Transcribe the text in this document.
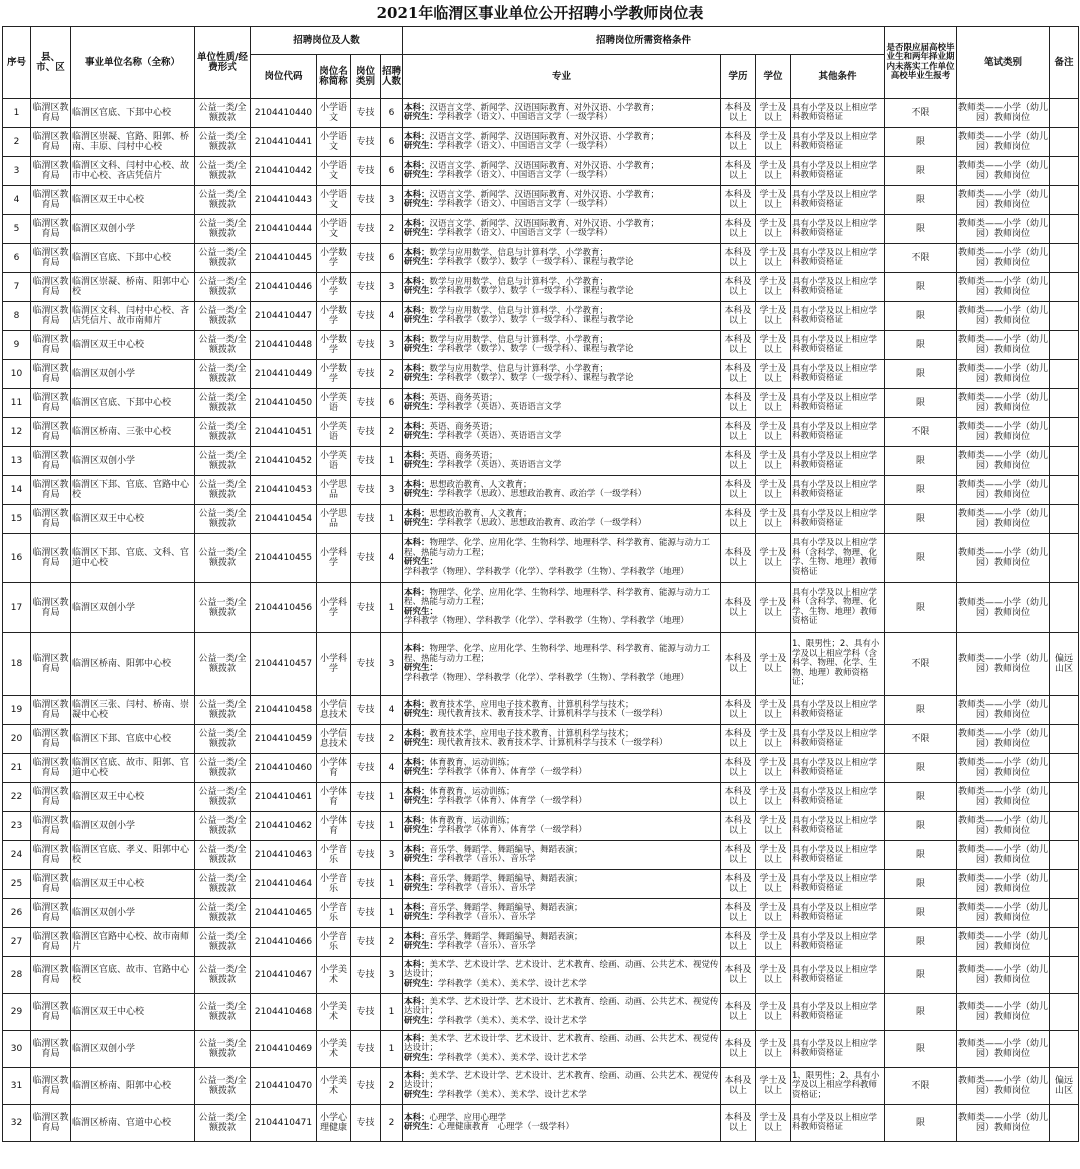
2021年临渭区事业单位公开招聘小学教师岗位表
序号	县、市、区	事业单位名称（全称）	单位性质/经费形式	招聘岗位及人数				招聘岗位所需资格条件				是否限应届高校毕业生和两年择业期内未落实工作单位高校毕业生报考	笔试类别	备注
				岗位代码	岗位名称简称	岗位类别	招聘人数	专业	学历	学位	其他条件			
1	临渭区教育局	临渭区官底、下邽中心校	公益一类/全额拨款	2104410440	小学语文	专技	6	本科：汉语言文学、新闻学、汉语国际教育、对外汉语、小学教育；
研究生：学科教学（语文）、中国语言文学（一级学科）	本科及以上	学士及以上	具有小学及以上相应学科教师资格证	不限	教师类——小学（幼儿园）教师岗位	
2	临渭区教育局	临渭区崇凝、官路、阳郭、桥南、丰原、闫村中心校	公益一类/全额拨款	2104410441	小学语文	专技	6	本科：汉语言文学、新闻学、汉语国际教育、对外汉语、小学教育；
研究生：学科教学（语文）、中国语言文学（一级学科）	本科及以上	学士及以上	具有小学及以上相应学科教师资格证	限	教师类——小学（幼儿园）教师岗位	
3	临渭区教育局	临渭区文科、闫村中心校、故市中心校、吝店凭信片	公益一类/全额拨款	2104410442	小学语文	专技	6	本科：汉语言文学、新闻学、汉语国际教育、对外汉语、小学教育；
研究生：学科教学（语文）、中国语言文学（一级学科）	本科及以上	学士及以上	具有小学及以上相应学科教师资格证	限	教师类——小学（幼儿园）教师岗位	
4	临渭区教育局	临渭区双王中心校	公益一类/全额拨款	2104410443	小学语文	专技	3	本科：汉语言文学、新闻学、汉语国际教育、对外汉语、小学教育；
研究生：学科教学（语文）、中国语言文学（一级学科）	本科及以上	学士及以上	具有小学及以上相应学科教师资格证	限	教师类——小学（幼儿园）教师岗位	
5	临渭区教育局	临渭区双创小学	公益一类/全额拨款	2104410444	小学语文	专技	2	本科：汉语言文学、新闻学、汉语国际教育、对外汉语、小学教育；
研究生：学科教学（语文）、中国语言文学（一级学科）	本科及以上	学士及以上	具有小学及以上相应学科教师资格证	限	教师类——小学（幼儿园）教师岗位	
6	临渭区教育局	临渭区官底、下邽中心校	公益一类/全额拨款	2104410445	小学数学	专技	6	本科：数学与应用数学、信息与计算科学、小学教育；
研究生：学科教学（数学）、数学（一级学科）、课程与教学论	本科及以上	学士及以上	具有小学及以上相应学科教师资格证	不限	教师类——小学（幼儿园）教师岗位	
7	临渭区教育局	临渭区崇凝、桥南、阳郭中心校	公益一类/全额拨款	2104410446	小学数学	专技	3	本科：数学与应用数学、信息与计算科学、小学教育；
研究生：学科教学（数学）、数学（一级学科）、课程与教学论	本科及以上	学士及以上	具有小学及以上相应学科教师资格证	限	教师类——小学（幼儿园）教师岗位	
8	临渭区教育局	临渭区文科、闫村中心校、吝店凭信片、故市南师片	公益一类/全额拨款	2104410447	小学数学	专技	4	本科：数学与应用数学、信息与计算科学、小学教育；
研究生：学科教学（数学）、数学（一级学科）、课程与教学论	本科及以上	学士及以上	具有小学及以上相应学科教师资格证	限	教师类——小学（幼儿园）教师岗位	
9	临渭区教育局	临渭区双王中心校	公益一类/全额拨款	2104410448	小学数学	专技	3	本科：数学与应用数学、信息与计算科学、小学教育；
研究生：学科教学（数学）、数学（一级学科）、课程与教学论	本科及以上	学士及以上	具有小学及以上相应学科教师资格证	限	教师类——小学（幼儿园）教师岗位	
10	临渭区教育局	临渭区双创小学	公益一类/全额拨款	2104410449	小学数学	专技	2	本科：数学与应用数学、信息与计算科学、小学教育；
研究生：学科教学（数学）、数学（一级学科）、课程与教学论	本科及以上	学士及以上	具有小学及以上相应学科教师资格证	限	教师类——小学（幼儿园）教师岗位	
11	临渭区教育局	临渭区官底、下邽中心校	公益一类/全额拨款	2104410450	小学英语	专技	6	本科：英语、商务英语；
研究生：学科教学（英语）、英语语言文学	本科及以上	学士及以上	具有小学及以上相应学科教师资格证	限	教师类——小学（幼儿园）教师岗位	
12	临渭区教育局	临渭区桥南、三张中心校	公益一类/全额拨款	2104410451	小学英语	专技	2	本科：英语、商务英语；
研究生：学科教学（英语）、英语语言文学	本科及以上	学士及以上	具有小学及以上相应学科教师资格证	不限	教师类——小学（幼儿园）教师岗位	
13	临渭区教育局	临渭区双创小学	公益一类/全额拨款	2104410452	小学英语	专技	1	本科：英语、商务英语；
研究生：学科教学（英语）、英语语言文学	本科及以上	学士及以上	具有小学及以上相应学科教师资格证	限	教师类——小学（幼儿园）教师岗位	
14	临渭区教育局	临渭区下邽、官底、官路中心校	公益一类/全额拨款	2104410453	小学思品	专技	3	本科：思想政治教育、人文教育；
研究生：学科教学（思政）、思想政治教育、政治学（一级学科）	本科及以上	学士及以上	具有小学及以上相应学科教师资格证	限	教师类——小学（幼儿园）教师岗位	
15	临渭区教育局	临渭区双王中心校	公益一类/全额拨款	2104410454	小学思品	专技	1	本科：思想政治教育、人文教育；
研究生：学科教学（思政）、思想政治教育、政治学（一级学科）	本科及以上	学士及以上	具有小学及以上相应学科教师资格证	限	教师类——小学（幼儿园）教师岗位	
16	临渭区教育局	临渭区下邽、官底、文科、官道中心校	公益一类/全额拨款	2104410455	小学科学	专技	4	本科：物理学、化学、应用化学、生物科学、地理科学、科学教育、能源与动力工程、热能与动力工程；
研究生：学科教学（物理）、学科教学（化学）、学科教学（生物）、学科教学（地理）	本科及以上	学士及以上	具有小学及以上相应学科（含科学、物理、化学、生物、地理）教师资格证	限	教师类——小学（幼儿园）教师岗位	
17	临渭区教育局	临渭区双创小学	公益一类/全额拨款	2104410456	小学科学	专技	1	本科：物理学、化学、应用化学、生物科学、地理科学、科学教育、能源与动力工程、热能与动力工程；
研究生：学科教学（物理）、学科教学（化学）、学科教学（生物）、学科教学（地理）	本科及以上	学士及以上	具有小学及以上相应学科（含科学、物理、化学、生物、地理）教师资格证	限	教师类——小学（幼儿园）教师岗位	
18	临渭区教育局	临渭区桥南、阳郭中心校	公益一类/全额拨款	2104410457	小学科学	专技	3	本科：物理学、化学、应用化学、生物科学、地理科学、科学教育、能源与动力工程、热能与动力工程；
研究生：学科教学（物理）、学科教学（化学）、学科教学（生物）、学科教学（地理）	本科及以上	学士及以上	1、限男性；2、具有小学及以上相应学科（含科学、物理、化学、生物、地理）教师资格证；	不限	教师类——小学（幼儿园）教师岗位	偏远山区
19	临渭区教育局	临渭区三张、闫村、桥南、崇凝中心校	公益一类/全额拨款	2104410458	小学信息技术	专技	4	本科：教育技术学、应用电子技术教育、计算机科学与技术；
研究生：现代教育技术、教育技术学、计算机科学与技术（一级学科）	本科及以上	学士及以上	具有小学及以上相应学科教师资格证	限	教师类——小学（幼儿园）教师岗位	
20	临渭区教育局	临渭区下邽、官底中心校	公益一类/全额拨款	2104410459	小学信息技术	专技	2	本科：教育技术学、应用电子技术教育、计算机科学与技术；
研究生：现代教育技术、教育技术学、计算机科学与技术（一级学科）	本科及以上	学士及以上	具有小学及以上相应学科教师资格证	不限	教师类——小学（幼儿园）教师岗位	
21	临渭区教育局	临渭区官底、故市、阳郭、官道中心校	公益一类/全额拨款	2104410460	小学体育	专技	4	本科：体育教育、运动训练；
研究生：学科教学（体育）、体育学（一级学科）	本科及以上	学士及以上	具有小学及以上相应学科教师资格证	限	教师类——小学（幼儿园）教师岗位	
22	临渭区教育局	临渭区双王中心校	公益一类/全额拨款	2104410461	小学体育	专技	1	本科：体育教育、运动训练；
研究生：学科教学（体育）、体育学（一级学科）	本科及以上	学士及以上	具有小学及以上相应学科教师资格证	限	教师类——小学（幼儿园）教师岗位	
23	临渭区教育局	临渭区双创小学	公益一类/全额拨款	2104410462	小学体育	专技	1	本科：体育教育、运动训练；
研究生：学科教学（体育）、体育学（一级学科）	本科及以上	学士及以上	具有小学及以上相应学科教师资格证	限	教师类——小学（幼儿园）教师岗位	
24	临渭区教育局	临渭区官底、孝义、阳郭中心校	公益一类/全额拨款	2104410463	小学音乐	专技	3	本科：音乐学、舞蹈学、舞蹈编导、舞蹈表演；
研究生：学科教学（音乐）、音乐学	本科及以上	学士及以上	具有小学及以上相应学科教师资格证	限	教师类——小学（幼儿园）教师岗位	
25	临渭区教育局	临渭区双王中心校	公益一类/全额拨款	2104410464	小学音乐	专技	1	本科：音乐学、舞蹈学、舞蹈编导、舞蹈表演；
研究生：学科教学（音乐）、音乐学	本科及以上	学士及以上	具有小学及以上相应学科教师资格证	限	教师类——小学（幼儿园）教师岗位	
26	临渭区教育局	临渭区双创小学	公益一类/全额拨款	2104410465	小学音乐	专技	1	本科：音乐学、舞蹈学、舞蹈编导、舞蹈表演；
研究生：学科教学（音乐）、音乐学	本科及以上	学士及以上	具有小学及以上相应学科教师资格证	限	教师类——小学（幼儿园）教师岗位	
27	临渭区教育局	临渭区官路中心校、故市南师片	公益一类/全额拨款	2104410466	小学音乐	专技	2	本科：音乐学、舞蹈学、舞蹈编导、舞蹈表演；
研究生：学科教学（音乐）、音乐学	本科及以上	学士及以上	具有小学及以上相应学科教师资格证	限	教师类——小学（幼儿园）教师岗位	
28	临渭区教育局	临渭区官底、故市、官路中心校	公益一类/全额拨款	2104410467	小学美术	专技	3	本科：美术学、艺术设计学、艺术设计、艺术教育、绘画、动画、公共艺术、视觉传达设计；
研究生：学科教学（美术）、美术学、设计艺术学	本科及以上	学士及以上	具有小学及以上相应学科教师资格证	限	教师类——小学（幼儿园）教师岗位	
29	临渭区教育局	临渭区双王中心校	公益一类/全额拨款	2104410468	小学美术	专技	1	本科：美术学、艺术设计学、艺术设计、艺术教育、绘画、动画、公共艺术、视觉传达设计；
研究生：学科教学（美术）、美术学、设计艺术学	本科及以上	学士及以上	具有小学及以上相应学科教师资格证	限	教师类——小学（幼儿园）教师岗位	
30	临渭区教育局	临渭区双创小学	公益一类/全额拨款	2104410469	小学美术	专技	1	本科：美术学、艺术设计学、艺术设计、艺术教育、绘画、动画、公共艺术、视觉传达设计；
研究生：学科教学（美术）、美术学、设计艺术学	本科及以上	学士及以上	具有小学及以上相应学科教师资格证	限	教师类——小学（幼儿园）教师岗位	
31	临渭区教育局	临渭区桥南、阳郭中心校	公益一类/全额拨款	2104410470	小学美术	专技	2	本科：美术学、艺术设计学、艺术设计、艺术教育、绘画、动画、公共艺术、视觉传达设计；
研究生：学科教学（美术）、美术学、设计艺术学	本科及以上	学士及以上	1、限男性；2、具有小学及以上相应学科教师资格证；	不限	教师类——小学（幼儿园）教师岗位	偏远山区
32	临渭区教育局	临渭区桥南、官道中心校	公益一类/全额拨款	2104410471	小学心理健康	专技	2	本科：心理学、应用心理学
研究生：心理健康教育　心理学（一级学科）	本科及以上	学士及以上	具有小学及以上相应学科教师资格证	限	教师类——小学（幼儿园）教师岗位	
